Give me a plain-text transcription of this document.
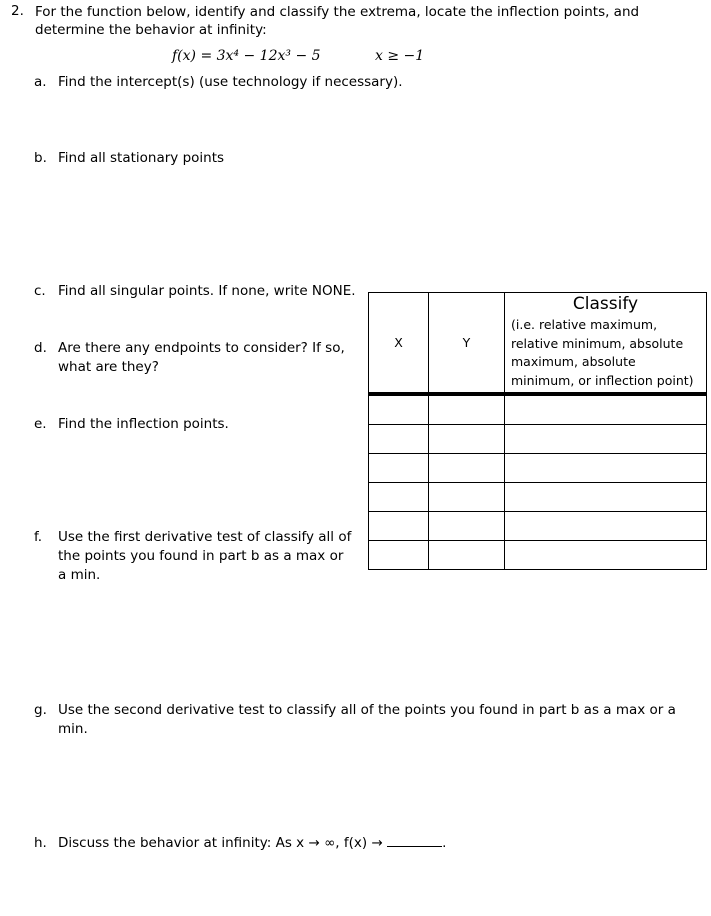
2. For the function below, identify and classify the extrema, locate the inflection points, and determine the behavior at infinity:
f(x) = 3x⁴ − 12x³ − 5	x ≥ −1
a. Find the intercept(s) (use technology if necessary).
b. Find all stationary points
c. Find all singular points. If none, write NONE.
d. Are there any endpoints to consider? If so, what are they?
e. Find the inflection points.
f. Use the first derivative test of classify all of the points you found in part b as a max or a min.
g. Use the second derivative test to classify all of the points you found in part b as a max or a min.
h. Discuss the behavior at infinity: As x → ∞, f(x) →	.
X	Y	Classify
(i.e. relative maximum, relative minimum, absolute maximum, absolute minimum, or inflection point)
